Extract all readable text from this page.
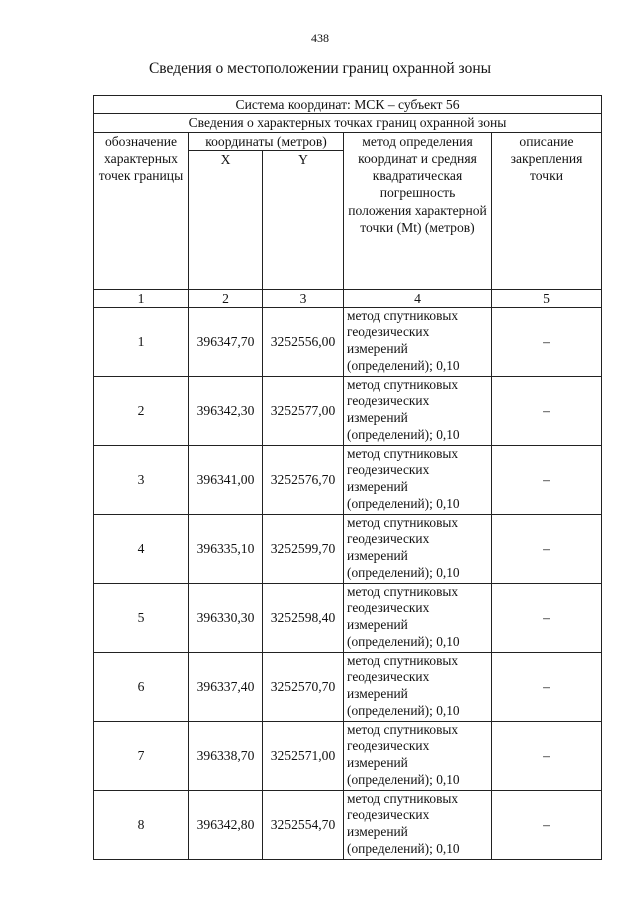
438
Сведения о местоположении границ охранной зоны
Система координат: МСК – субъект 56				
Сведения о характерных точках границ охранной зоны				
обозначение характерных точек границы	координаты (метров)		метод определения координат и средняя квадратическая погрешность положения характерной точки (Mt) (метров)	описание закрепления точки
	X	Y		
1	2	3	4	5
1	396347,70	3252556,00	метод спутниковых геодезических измерений (определений); 0,10	–
2	396342,30	3252577,00	метод спутниковых геодезических измерений (определений); 0,10	–
3	396341,00	3252576,70	метод спутниковых геодезических измерений (определений); 0,10	–
4	396335,10	3252599,70	метод спутниковых геодезических измерений (определений); 0,10	–
5	396330,30	3252598,40	метод спутниковых геодезических измерений (определений); 0,10	–
6	396337,40	3252570,70	метод спутниковых геодезических измерений (определений); 0,10	–
7	396338,70	3252571,00	метод спутниковых геодезических измерений (определений); 0,10	–
8	396342,80	3252554,70	метод спутниковых геодезических измерений (определений); 0,10	–
